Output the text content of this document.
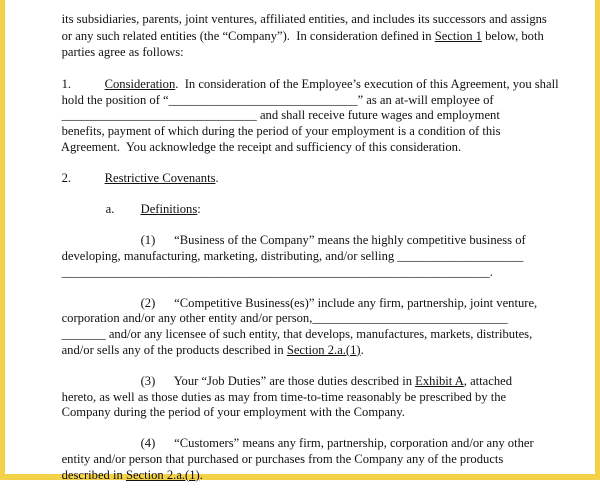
its subsidiaries, parents, joint ventures, affiliated entities, and includes its successors and assigns

or any such related entities (the “Company”).  In consideration defined in Section 1 below, both

parties agree as follows:

1.
	Consideration.  In consideration of the Employee’s execution of this Agreement, you shall

hold the position of “______________________________” as an at-will employee of

_______________________________ and shall receive future wages and employment

benefits, payment of which during the period of your employment is a condition of this

Agreement.  You acknowledge the receipt and sufficiency of this consideration.

2.
	Restrictive Covenants.

a.
	Definitions:

(1)      “Business of the Company” means the highly competitive business of

developing, manufacturing, marketing, distributing, and/or selling ____________________

____________________________________________________________________.

(2)      “Competitive Business(es)” include any firm, partnership, joint venture,

corporation and/or any other entity and/or person,_______________________________

_______ and/or any licensee of such entity, that develops, manufactures, markets, distributes,

and/or sells any of the products described in Section 2.a.(1).

(3)      Your “Job Duties” are those duties described in Exhibit A, attached

hereto, as well as those duties as may from time-to-time reasonably be prescribed by the

Company during the period of your employment with the Company.

(4)      “Customers” means any firm, partnership, corporation and/or any other

entity and/or person that purchased or purchases from the Company any of the products

described in Section 2.a.(1).
